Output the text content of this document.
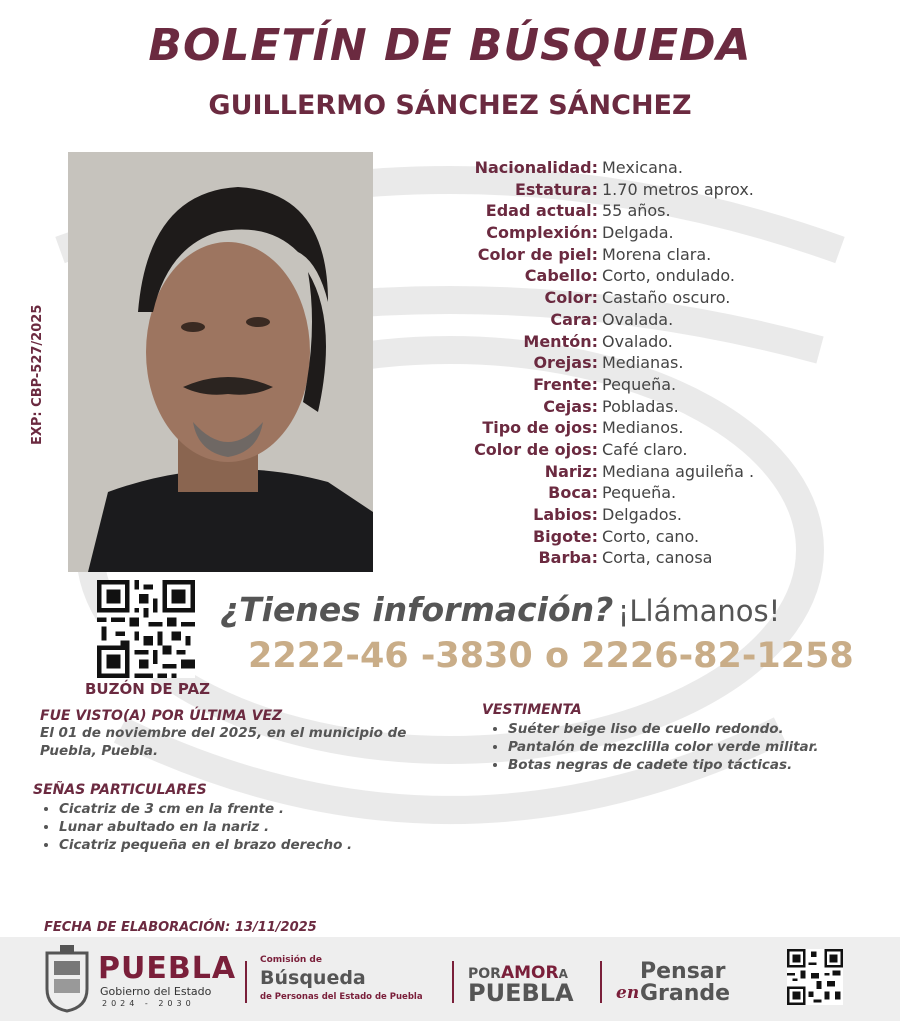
BOLETÍN DE BÚSQUEDA
GUILLERMO SÁNCHEZ SÁNCHEZ
EXP: CBP-527/2025
Nacionalidad: Mexicana.
Estatura: 1.70 metros aprox.
Edad actual: 55 años.
Complexión: Delgada.
Color de piel: Morena clara.
Cabello: Corto, ondulado.
Color: Castaño oscuro.
Cara: Ovalada.
Mentón: Ovalado.
Orejas: Medianas.
Frente: Pequeña.
Cejas: Pobladas.
Tipo de ojos: Medianos.
Color de ojos: Café claro.
Nariz: Mediana aguileña .
Boca: Pequeña.
Labios: Delgados.
Bigote: Corto, cano.
Barba: Corta, canosa
BUZÓN DE PAZ
¿Tienes información? ¡Llámanos!
2222-46 -3830 o 2226-82-1258
FUE VISTO(A) POR ÚLTIMA VEZ
El 01 de noviembre del 2025, en el municipio de Puebla, Puebla.
SEÑAS PARTICULARES
• Cicatriz de 3 cm en la frente .
• Lunar abultado en la nariz .
• Cicatriz pequeña en el brazo derecho .
VESTIMENTA
• Suéter beige liso de cuello redondo.
• Pantalón de mezclilla color verde militar.
• Botas negras de cadete tipo tácticas.
FECHA DE ELABORACIÓN: 13/11/2025
PUEBLA
Gobierno del Estado
2024 - 2030
Comisión de
Búsqueda
de Personas del Estado de Puebla
PORAMORA
PUEBLA
Pensar
en Grande
